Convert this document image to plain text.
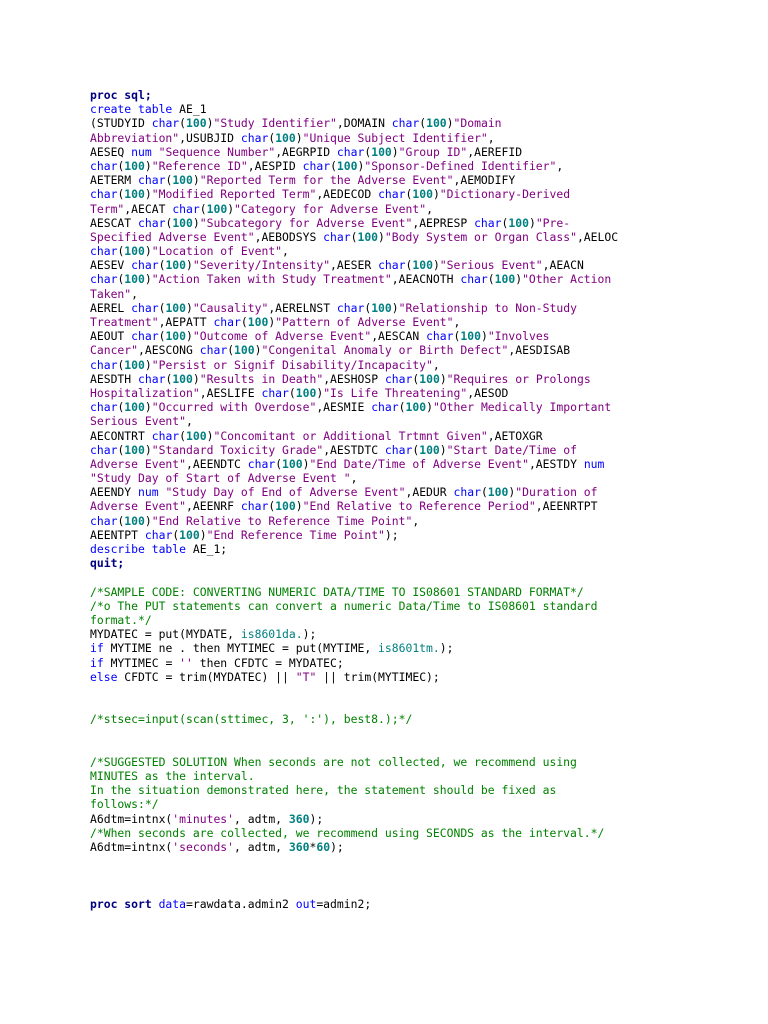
proc sql;
create table AE_1
(STUDYID char(100)"Study Identifier",DOMAIN char(100)"Domain
Abbreviation",USUBJID char(100)"Unique Subject Identifier",
AESEQ num "Sequence Number",AEGRPID char(100)"Group ID",AEREFID
char(100)"Reference ID",AESPID char(100)"Sponsor-Defined Identifier",
AETERM char(100)"Reported Term for the Adverse Event",AEMODIFY
char(100)"Modified Reported Term",AEDECOD char(100)"Dictionary-Derived
Term",AECAT char(100)"Category for Adverse Event",
AESCAT char(100)"Subcategory for Adverse Event",AEPRESP char(100)"Pre-
Specified Adverse Event",AEBODSYS char(100)"Body System or Organ Class",AELOC
char(100)"Location of Event",
AESEV char(100)"Severity/Intensity",AESER char(100)"Serious Event",AEACN
char(100)"Action Taken with Study Treatment",AEACNOTH char(100)"Other Action
Taken",
AEREL char(100)"Causality",AERELNST char(100)"Relationship to Non-Study
Treatment",AEPATT char(100)"Pattern of Adverse Event",
AEOUT char(100)"Outcome of Adverse Event",AESCAN char(100)"Involves
Cancer",AESCONG char(100)"Congenital Anomaly or Birth Defect",AESDISAB
char(100)"Persist or Signif Disability/Incapacity",
AESDTH char(100)"Results in Death",AESHOSP char(100)"Requires or Prolongs
Hospitalization",AESLIFE char(100)"Is Life Threatening",AESOD
char(100)"Occurred with Overdose",AESMIE char(100)"Other Medically Important
Serious Event",
AECONTRT char(100)"Concomitant or Additional Trtmnt Given",AETOXGR
char(100)"Standard Toxicity Grade",AESTDTC char(100)"Start Date/Time of
Adverse Event",AEENDTC char(100)"End Date/Time of Adverse Event",AESTDY num
"Study Day of Start of Adverse Event ",
AEENDY num "Study Day of End of Adverse Event",AEDUR char(100)"Duration of
Adverse Event",AEENRF char(100)"End Relative to Reference Period",AEENRTPT
char(100)"End Relative to Reference Time Point",
AEENTPT char(100)"End Reference Time Point");
describe table AE_1;
quit;
/*SAMPLE CODE: CONVERTING NUMERIC DATA/TIME TO IS08601 STANDARD FORMAT*/
/*o The PUT statements can convert a numeric Data/Time to IS08601 standard
format.*/
MYDATEC = put(MYDATE, is8601da.);
if MYTIME ne . then MYTIMEC = put(MYTIME, is8601tm.);
if MYTIMEC = '' then CFDTC = MYDATEC;
else CFDTC = trim(MYDATEC) || "T" || trim(MYTIMEC);
/*stsec=input(scan(sttimec, 3, ':'), best8.);*/
/*SUGGESTED SOLUTION When seconds are not collected, we recommend using
MINUTES as the interval.
In the situation demonstrated here, the statement should be fixed as
follows:*/
A6dtm=intnx('minutes', adtm, 360);
/*When seconds are collected, we recommend using SECONDS as the interval.*/
A6dtm=intnx('seconds', adtm, 360*60);
proc sort data=rawdata.admin2 out=admin2;
